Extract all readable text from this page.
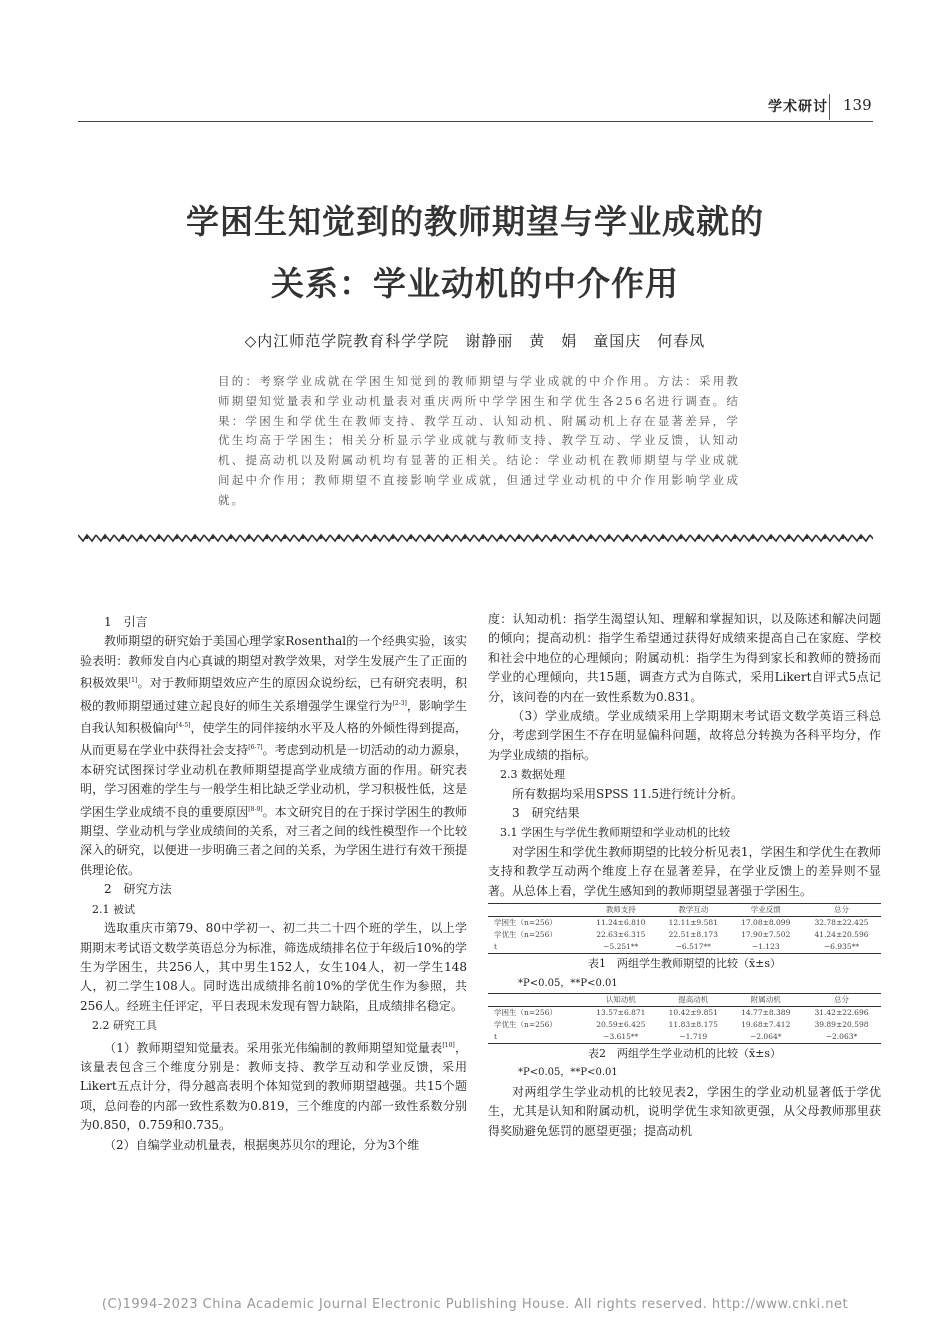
学术研讨 139
学困生知觉到的教师期望与学业成就的
关系：学业动机的中介作用
◇内江师范学院教育科学学院　谢静丽　黄　娟　童国庆　何春凤
目的：考察学业成就在学困生知觉到的教师期望与学业成就的中介作用。方法：采用教师期望知觉量表和学业动机量表对重庆两所中学学困生和学优生各256名进行调查。结果：学困生和学优生在教师支持、教学互动、认知动机、附属动机上存在显著差异，学优生均高于学困生；相关分析显示学业成就与教师支持、教学互动、学业反馈，认知动机、提高动机以及附属动机均有显著的正相关。结论：学业动机在教师期望与学业成就间起中介作用；教师期望不直接影响学业成就，但通过学业动机的中介作用影响学业成就。

1　引言

教师期望的研究始于美国心理学家Rosenthal的一个经典实验，该实验表明：教师发自内心真诚的期望对教学效果，对学生发展产生了正面的积极效果[1]。对于教师期望效应产生的原因众说纷纭，已有研究表明，积极的教师期望通过建立起良好的师生关系增强学生课堂行为[2-3]，影响学生自我认知积极偏向[4-5]，使学生的同伴接纳水平及人格的外倾性得到提高，从而更易在学业中获得社会支持[6-7]。考虑到动机是一切活动的动力源泉，本研究试图探讨学业动机在教师期望提高学业成绩方面的作用。研究表明，学习困难的学生与一般学生相比缺乏学业动机，学习积极性低，这是学困生学业成绩不良的重要原因[8-9]。本文研究目的在于探讨学困生的教师期望、学业动机与学业成绩间的关系，对三者之间的线性模型作一个比较深入的研究，以便进一步明确三者之间的关系，为学困生进行有效干预提供理论依。

2　研究方法

2.1 被试

选取重庆市第79、80中学初一、初二共二十四个班的学生，以上学期期末考试语文数学英语总分为标准，筛选成绩排名位于年级后10%的学生为学困生，共256人，其中男生152人，女生104人，初一学生148人，初二学生108人。同时选出成绩排名前10%的学优生作为参照，共256人。经班主任评定，平日表现未发现有智力缺陷，且成绩排名稳定。

2.2 研究工具

（1）教师期望知觉量表。采用张光伟编制的教师期望知觉量表[10]，该量表包含三个维度分别是：教师支持、教学互动和学业反馈，采用Likert五点计分，得分越高表明个体知觉到的教师期望越强。共15个题项，总问卷的内部一致性系数为0.819，三个维度的内部一致性系数分别为0.850，0.759和0.735。

（2）自编学业动机量表，根据奥苏贝尔的理论，分为3个维

度：认知动机：指学生渴望认知、理解和掌握知识，以及陈述和解决问题的倾向；提高动机：指学生希望通过获得好成绩来提高自己在家庭、学校和社会中地位的心理倾向；附属动机：指学生为得到家长和教师的赞扬而学业的心理倾向，共15题，调查方式为自陈式，采用Likert自评式5点记分，该问卷的内在一致性系数为0.831。

（3）学业成绩。学业成绩采用上学期期末考试语文数学英语三科总分，考虑到学困生不存在明显偏科问题，故将总分转换为各科平均分，作为学业成绩的指标。

2.3 数据处理

所有数据均采用SPSS 11.5进行统计分析。

3　研究结果

3.1 学困生与学优生教师期望和学业动机的比较

对学困生和学优生教师期望的比较分析见表1，学困生和学优生在教师支持和教学互动两个维度上存在显著差异，在学业反馈上的差异则不显著。从总体上看，学优生感知到的教师期望显著强于学困生。

	教师支持	教学互动	学业反馈	总分
学困生（n=256）	11.24±6.810	12.11±9.581	17.08±8.099	32.78±22.425
学优生（n=256）	22.63±6.315	22.51±8.173	17.90±7.502	41.24±20.596
t	−5.251**	−6.517**	−1.123	−6.935**

表1　两组学生教师期望的比较（x̄±s）

*P<0.05，**P<0.01

	认知动机	提高动机	附属动机	总分
学困生（n=256）	13.57±6.871	10.42±9.851	14.77±8.389	31.42±22.696
学优生（n=256）	20.59±6.425	11.83±8.175	19.68±7.412	39.89±20.598
t	−3.615**	−1.719	−2.064*	−2.063*

表2　两组学生学业动机的比较（x̄±s）

*P<0.05，**P<0.01

对两组学生学业动机的比较见表2，学困生的学业动机显著低于学优生，尤其是认知和附属动机，说明学优生求知欲更强，从父母教师那里获得奖励避免惩罚的愿望更强；提高动机

(C)1994-2023 China Academic Journal Electronic Publishing House. All rights reserved. http://www.cnki.net
